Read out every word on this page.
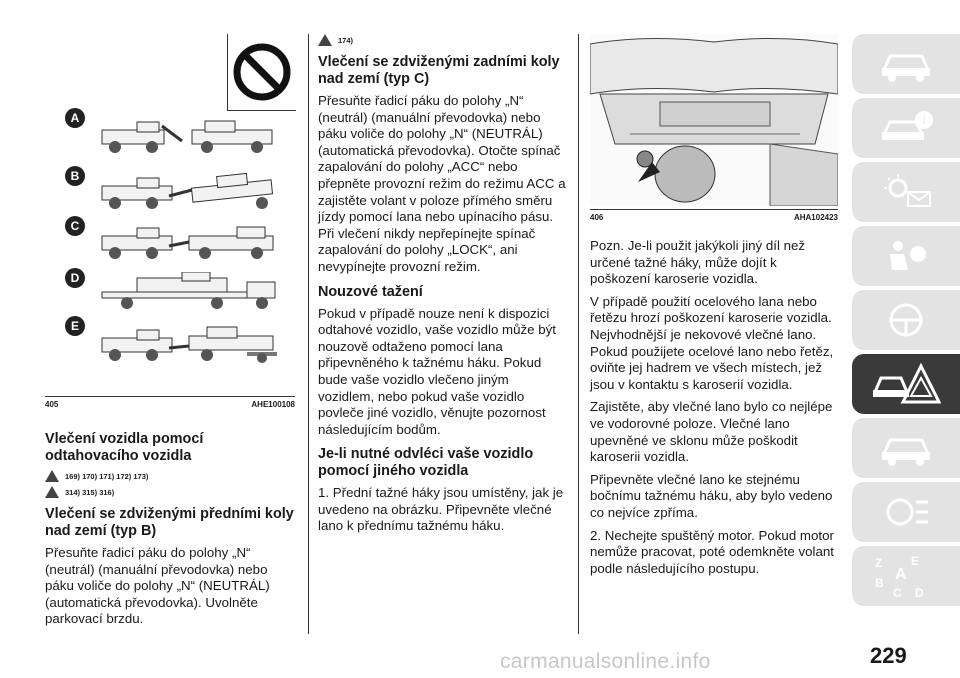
A
B
C
D
E
405	AHE100108
Vlečení vozidla pomocí odtahovacího vozidla
169) 170) 171) 172) 173)
314) 315) 316)
Vlečení se zdviženými předními koly nad zemí (typ B)

Přesuňte řadicí páku do polohy „N“ (neutrál) (manuální převodovka) nebo páku voliče do polohy „N“ (NEUTRÁL) (automatická převodovka). Uvolněte parkovací brzdu.

174)
Vlečení se zdviženými zadními koly nad zemí (typ C)

Přesuňte řadicí páku do polohy „N“ (neutrál) (manuální převodovka) nebo páku voliče do polohy „N“ (NEUTRÁL) (automatická převodovka). Otočte spínač zapalování do polohy „ACC“ nebo přepněte provozní režim do režimu ACC a zajistěte volant v poloze přímého směru jízdy pomocí lana nebo upínacího pásu. Při vlečení nikdy nepřepínejte spínač zapalování do polohy „LOCK“, ani nevypínejte provozní režim.

Nouzové tažení

Pokud v případě nouze není k dispozici odtahové vozidlo, vaše vozidlo může být nouzově odtaženo pomocí lana připevněného k tažnému háku. Pokud bude vaše vozidlo vlečeno jiným vozidlem, nebo pokud vaše vozidlo povleče jiné vozidlo, věnujte pozornost následujícím bodům.

Je-li nutné odvléci vaše vozidlo pomocí jiného vozidla

1. Přední tažné háky jsou umístěny, jak je uvedeno na obrázku. Připevněte vlečné lano k přednímu tažnému háku.

406	AHA102423

Pozn. Je-li použit jakýkoli jiný díl než určené tažné háky, může dojít k poškození karoserie vozidla.

V případě použití ocelového lana nebo řetězu hrozí poškození karoserie vozidla. Nejvhodnější je nekovové vlečné lano. Pokud použijete ocelové lano nebo řetěz, oviňte jej hadrem ve všech místech, jež jsou v kontaktu s karoserií vozidla.

Zajistěte, aby vlečné lano bylo co nejlépe ve vodorovné poloze. Vlečné lano upevněné ve sklonu může poškodit karoserii vozidla.

Připevněte vlečné lano ke stejnému bočnímu tažnému háku, aby bylo vedeno co nejvíce zpříma.

2. Nechejte spuštěný motor. Pokud motor nemůže pracovat, poté odemkněte volant podle následujícího postupu.

i
Z E
B
C D
A
229
carmanualsonline.info
